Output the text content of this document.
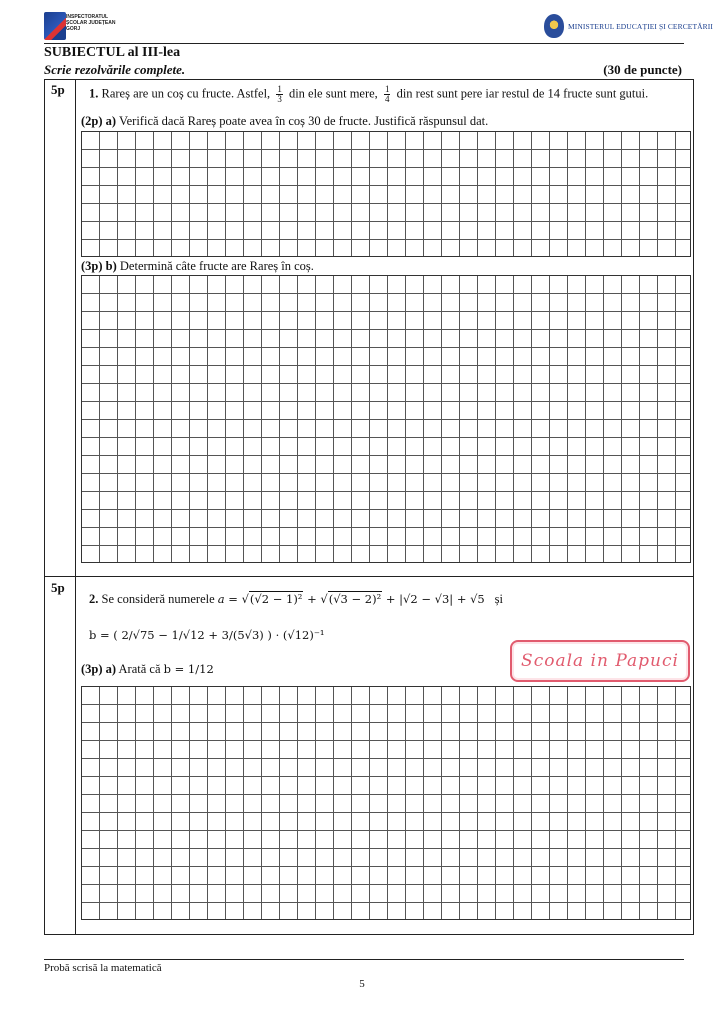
INSPECTORATUL ȘCOLAR JUDEȚEAN GORJ	MINISTERUL EDUCAȚIEI ȘI CERCETĂRII
SUBIECTUL al III-lea
Scrie rezolvările complete.	(30 de puncte)
5p 1. Rareș are un coș cu fructe. Astfel, $\frac{1}{3}$ din ele sunt mere, $\frac{1}{4}$ din rest sunt pere iar restul de 14 fructe sunt gutui.
(2p) a) Verifică dacă Rareș poate avea în coș 30 de fructe. Justifică răspunsul dat.
(3p) b) Determină câte fructe are Rareș în coș.
5p
2. Se consideră numerele a = √(√2 − 1)² + √(√3 − 2)² + |√2 − √3| + √5 și
b = ( 2/√75 − 1/√12 + 3/(5√3) ) · (√12)⁻¹
(3p) a) Arată că b = 1/12	Scoala in Papuci
Probă scrisă la matematică
5
